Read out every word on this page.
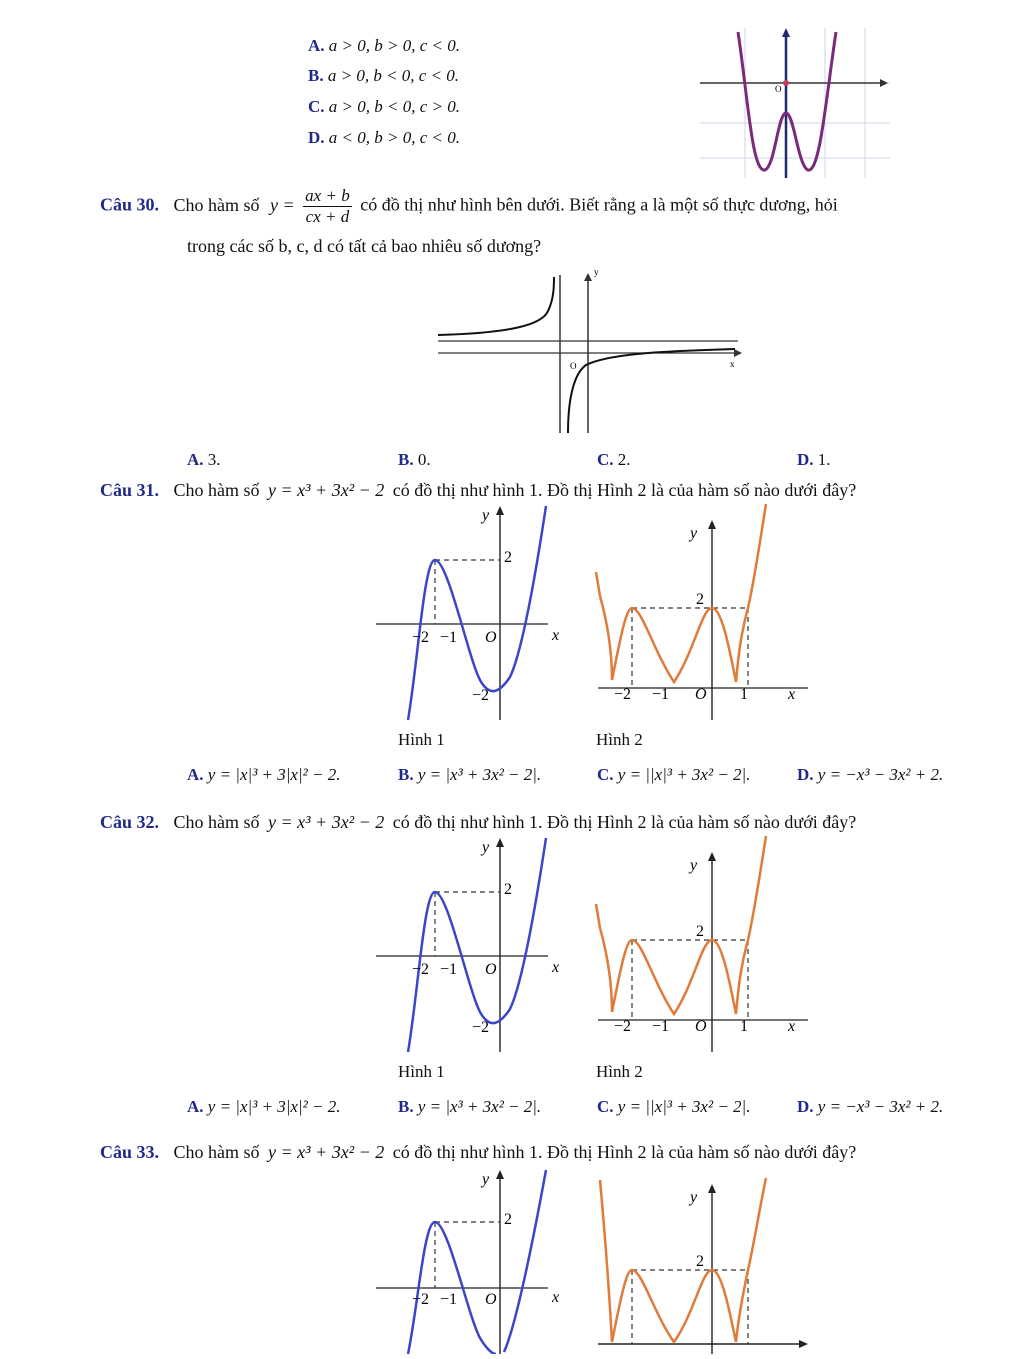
A. a > 0, b > 0, c < 0.
B. a > 0, b < 0, c < 0.
C. a > 0, b < 0, c > 0.
D. a < 0, b > 0, c < 0.
O
Câu 30. Cho hàm số $y = \frac{ax + b}{cx + d}$ có đồ thị như hình bên dưới. Biết rằng a là một số thực dương, hỏi
trong các số b, c, d có tất cả bao nhiêu số dương?
y
x
O
A. 3.	B. 0.	C. 2.	D. 1.
Câu 31. Cho hàm số y = x³ + 3x² − 2 có đồ thị như hình 1. Đồ thị Hình 2 là của hàm số nào dưới đây?
y
2
−2 −1 O	x
−2
y
2
−2 −1 O 1	x
Hình 1	Hình 2
A. y = |x|³ + 3|x|² − 2.	B. y = |x³ + 3x² − 2|.	C. y = ||x|³ + 3x² − 2|.	D. y = −x³ − 3x² + 2.
Câu 32. Cho hàm số y = x³ + 3x² − 2 có đồ thị như hình 1. Đồ thị Hình 2 là của hàm số nào dưới đây?
y
2
−2 −1 O	x
−2
y
2
−2 −1 O 1	x
Hình 1	Hình 2
A. y = |x|³ + 3|x|² − 2.	B. y = |x³ + 3x² − 2|.	C. y = ||x|³ + 3x² − 2|.	D. y = −x³ − 3x² + 2.
Câu 33. Cho hàm số y = x³ + 3x² − 2 có đồ thị như hình 1. Đồ thị Hình 2 là của hàm số nào dưới đây?
y
2
−2 −1 O	x
y
2
